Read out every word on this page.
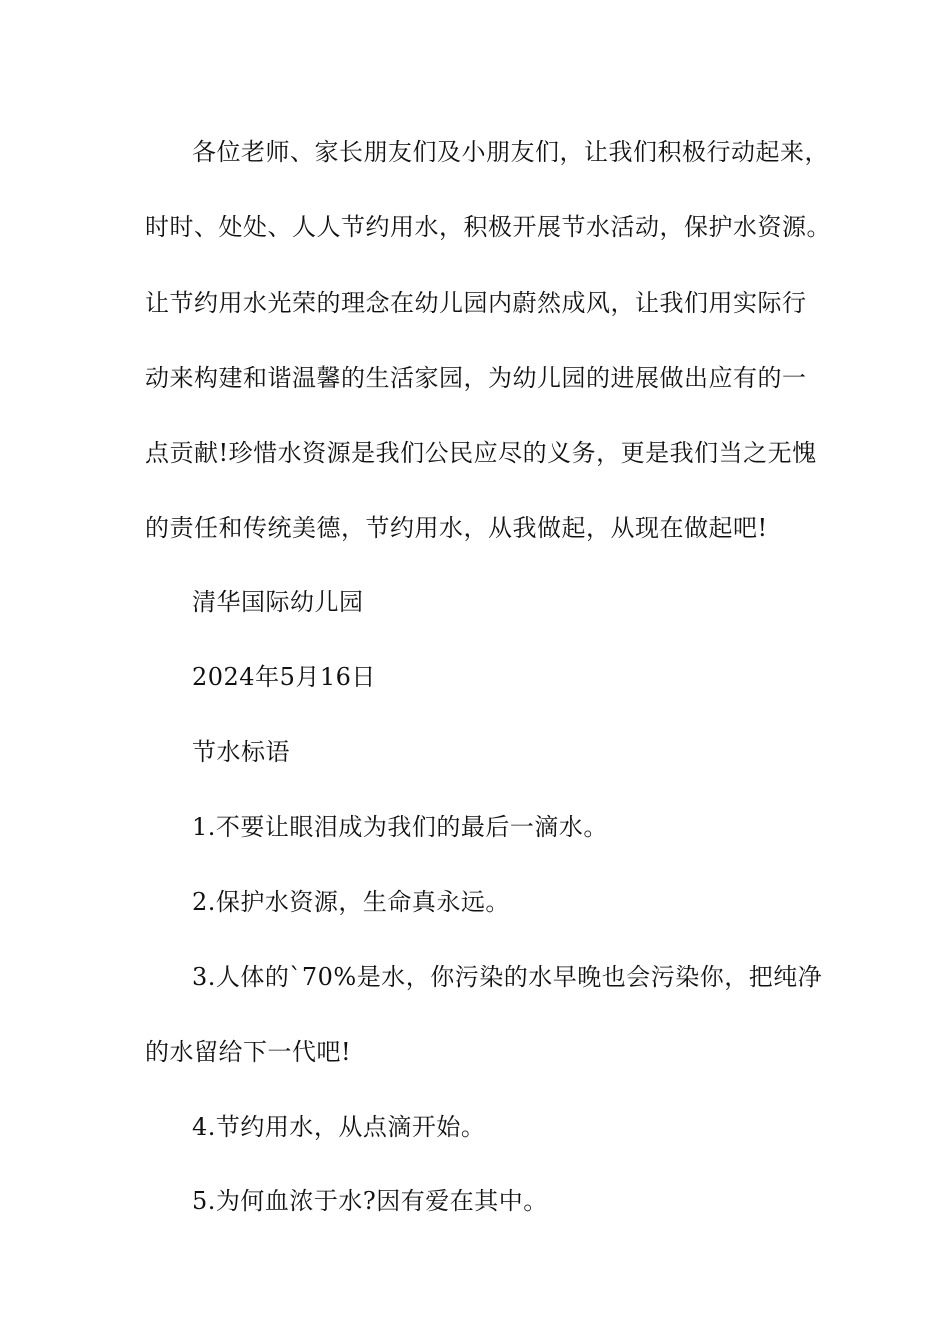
各位老师、家长朋友们及小朋友们，让我们积极行动起来，
时时、处处、人人节约用水，积极开展节水活动，保护水资源。
让节约用水光荣的理念在幼儿园内蔚然成风，让我们用实际行
动来构建和谐温馨的生活家园，为幼儿园的进展做出应有的一
点贡献!珍惜水资源是我们公民应尽的义务，更是我们当之无愧
的责任和传统美德，节约用水，从我做起，从现在做起吧!
清华国际幼儿园
2024年5月16日
节水标语
1.不要让眼泪成为我们的最后一滴水。
2.保护水资源，生命真永远。
3.人体的`70%是水，你污染的水早晚也会污染你，把纯净
的水留给下一代吧!
4.节约用水，从点滴开始。
5.为何血浓于水?因有爱在其中。
